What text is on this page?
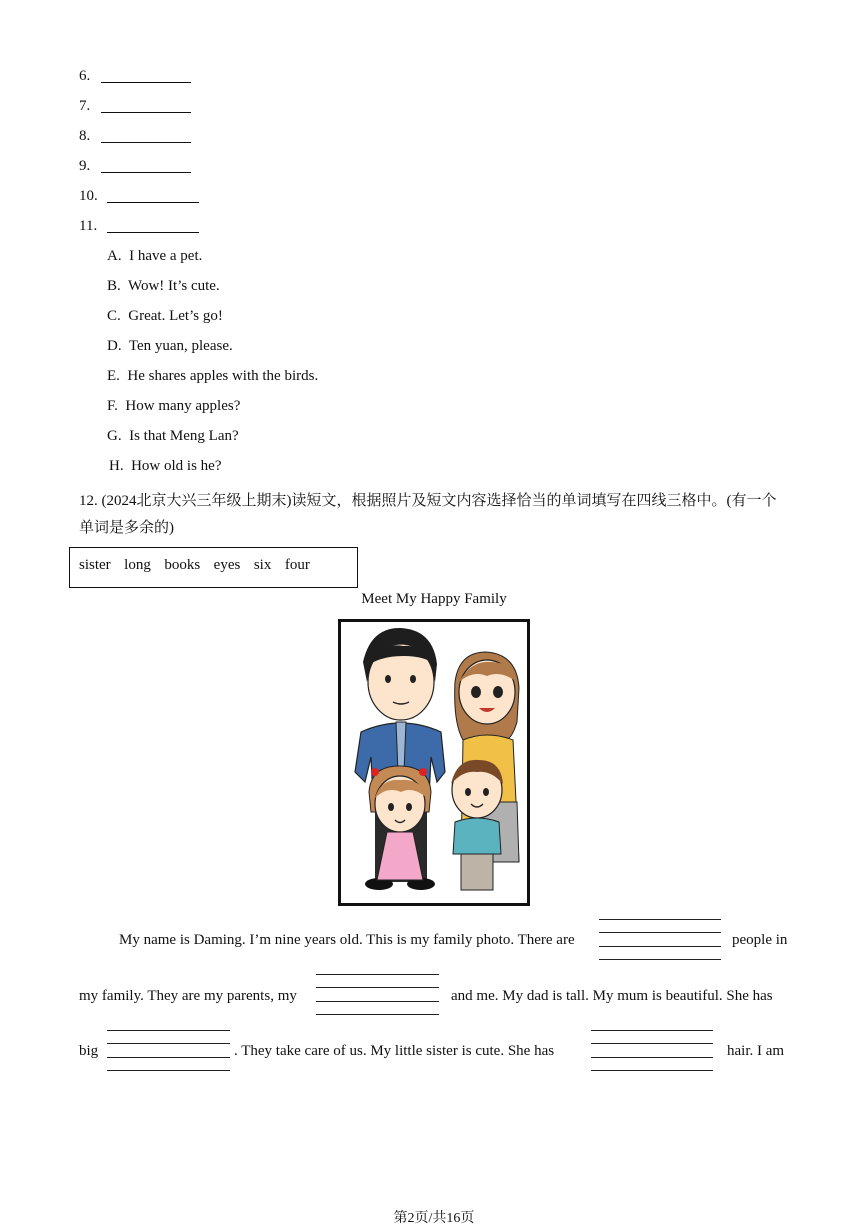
6.
7.
8.
9.
10.
11.
A. I have a pet.
B. Wow! It’s cute.
C. Great. Let’s go!
D. Ten yuan, please.
E. He shares apples with the birds.
F. How many apples?
G. Is that Meng Lan?
H. How old is he?
12. (2024北京大兴三年级上期末)读短文，根据照片及短文内容选择恰当的单词填写在四线三格中。(有一个单词是多余的)
sister  long  books  eyes  six  four
Meet My Happy Family
My name is Daming. I’m nine years old. This is my family photo. There are	people in
my family. They are my parents, my	and me. My dad is tall. My mum is beautiful. She has
big	. They take care of us. My little sister is cute. She has	hair. I am
第2页/共16页
